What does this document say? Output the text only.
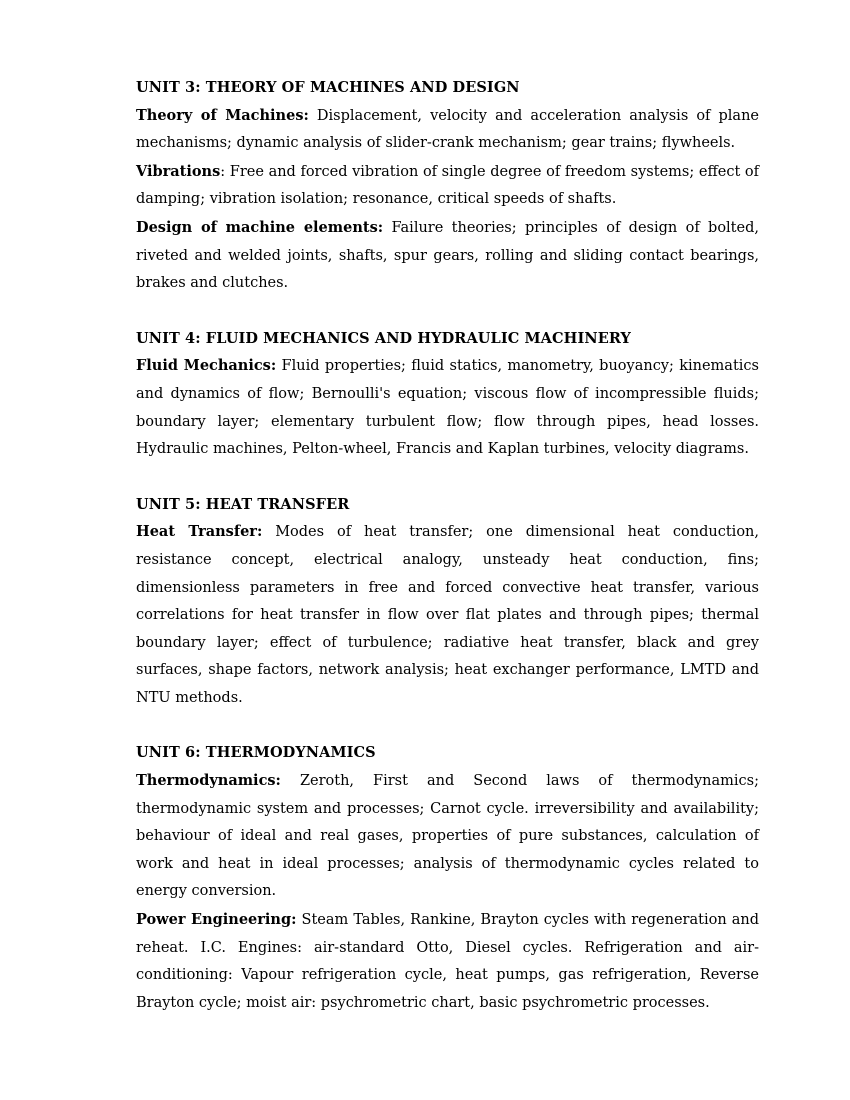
UNIT 3: THEORY OF MACHINES AND DESIGN

Theory of Machines: Displacement, velocity and acceleration analysis of plane mechanisms; dynamic analysis of slider-crank mechanism; gear trains; flywheels.

Vibrations: Free and forced vibration of single degree of freedom systems; effect of damping; vibration isolation; resonance, critical speeds of shafts.

Design of machine elements: Failure theories; principles of design of bolted, riveted and welded joints, shafts, spur gears, rolling and sliding contact bearings, brakes and clutches.

UNIT 4: FLUID MECHANICS AND HYDRAULIC MACHINERY

Fluid Mechanics: Fluid properties; fluid statics, manometry, buoyancy; kinematics and dynamics of flow; Bernoulli's equation; viscous flow of incompressible fluids; boundary layer; elementary turbulent flow; flow through pipes, head losses. Hydraulic machines, Pelton-wheel, Francis and Kaplan turbines, velocity diagrams.

UNIT 5: HEAT TRANSFER

Heat Transfer: Modes of heat transfer; one dimensional heat conduction, resistance concept, electrical analogy, unsteady heat conduction, fins; dimensionless parameters in free and forced convective heat transfer, various correlations for heat transfer in flow over flat plates and through pipes; thermal boundary layer; effect of turbulence; radiative heat transfer, black and grey surfaces, shape factors, network analysis; heat exchanger performance, LMTD and NTU methods.

UNIT 6: THERMODYNAMICS

Thermodynamics: Zeroth, First and Second laws of thermodynamics; thermodynamic system and processes; Carnot cycle. irreversibility and availability; behaviour of ideal and real gases, properties of pure substances, calculation of work and heat in ideal processes; analysis of thermodynamic cycles related to energy conversion.

Power Engineering: Steam Tables, Rankine, Brayton cycles with regeneration and reheat. I.C. Engines: air-standard Otto, Diesel cycles. Refrigeration and air-conditioning: Vapour refrigeration cycle, heat pumps, gas refrigeration, Reverse Brayton cycle; moist air: psychrometric chart, basic psychrometric processes.
